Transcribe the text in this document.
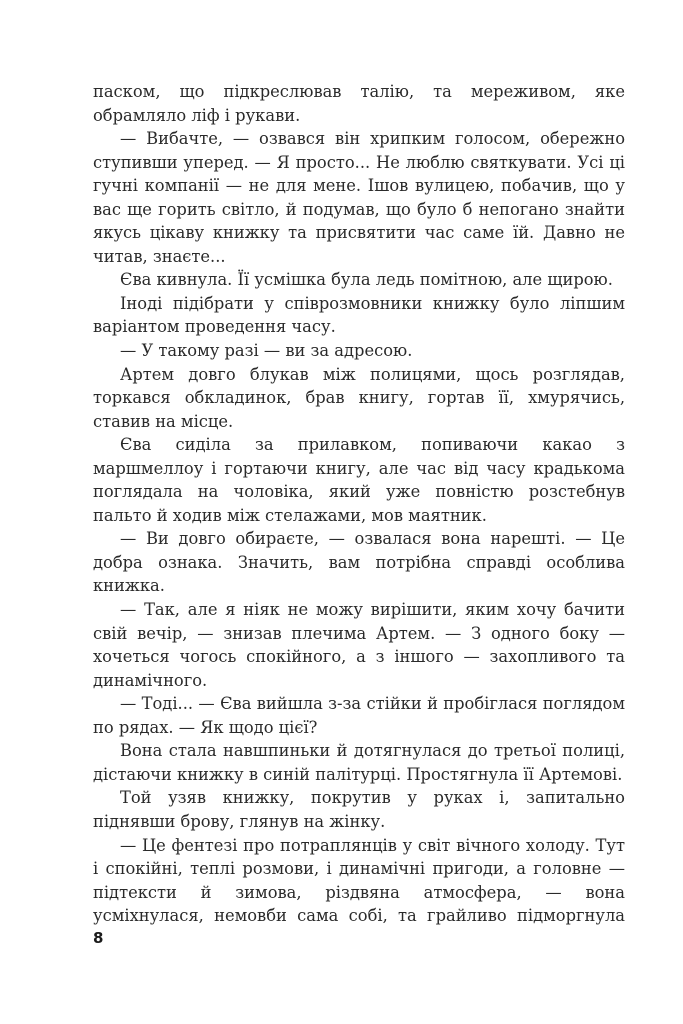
паском, що підкреслював талію, та мереживом, яке обрамляло ліф і рукави.

— Вибачте, — озвався він хрипким голосом, обережно ступивши уперед. — Я просто... Не люблю святкувати. Усі ці гучні компанії — не для мене. Ішов вулицею, побачив, що у вас ще горить світло, й подумав, що було б непогано знайти якусь цікаву книжку та присвятити час саме їй. Давно не читав, знаєте...

Єва кивнула. Її усмішка була ледь помітною, але щирою.

Іноді підібрати у співрозмовники книжку було ліпшим варіантом проведення часу.

— У такому разі — ви за адресою.

Артем довго блукав між полицями, щось розглядав, торкався обкладинок, брав книгу, гортав її, хмурячись, ставив на місце.

Єва сиділа за прилавком, попиваючи какао з маршмеллоу і гортаючи книгу, але час від часу крадькома поглядала на чоловіка, який уже повністю розстебнув пальто й ходив між стелажами, мов маятник.

— Ви довго обираєте, — озвалася вона нарешті. — Це добра ознака. Значить, вам потрібна справді особлива книжка.

— Так, але я ніяк не можу вирішити, яким хочу бачити свій вечір, — знизав плечима Артем. — З одного боку — хочеться чогось спокійного, а з іншого — захопливого та динамічного.

— Тоді... — Єва вийшла з-за стійки й пробіглася поглядом по рядах. — Як щодо цієї?

Вона стала навшпиньки й дотягнулася до третьої полиці, дістаючи книжку в синій палітурці. Простягнула її Артемові.

Той узяв книжку, покрутив у руках і, запитально піднявши брову, глянув на жінку.

— Це фентезі про потраплянців у світ вічного холоду. Тут і спокійні, теплі розмови, і динамічні пригоди, а головне — підтексти й зимова, різдвяна атмосфера, — вона усміхнулася, немовби сама собі, та грайливо підморгнула

8
